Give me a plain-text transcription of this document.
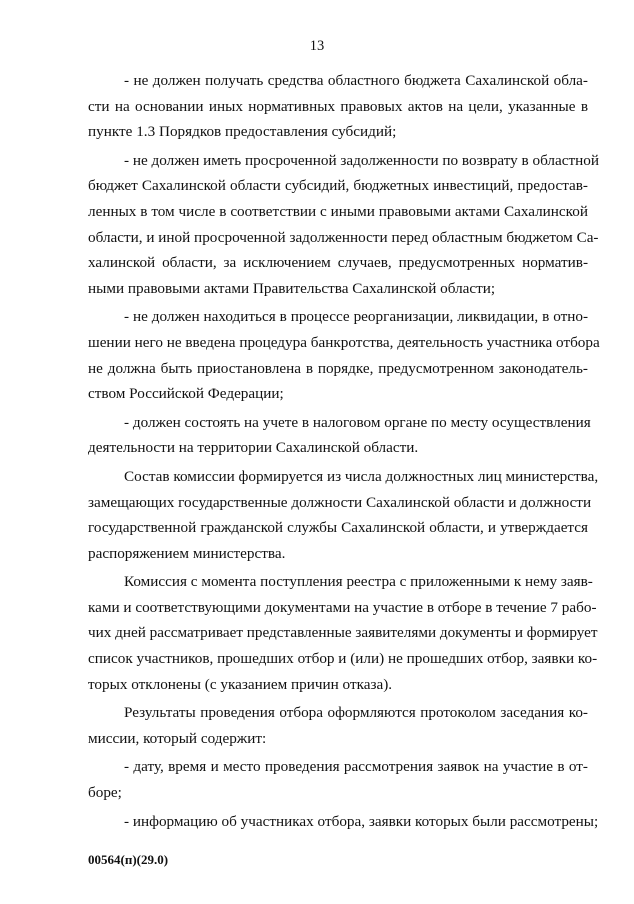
13

- не должен получать средства областного бюджета Сахалинской обла-
сти на основании иных нормативных правовых актов на цели, указанные в
пункте 1.3 Порядков предоставления субсидий;

- не должен иметь просроченной задолженности по возврату в областной
бюджет Сахалинской области субсидий, бюджетных инвестиций, предостав-
ленных в том числе в соответствии с иными правовыми актами Сахалинской
области, и иной просроченной задолженности перед областным бюджетом Са-
халинской области, за исключением случаев, предусмотренных норматив-
ными правовыми актами Правительства Сахалинской области;

- не должен находиться в процессе реорганизации, ликвидации, в отно-
шении него не введена процедура банкротства, деятельность участника отбора
не должна быть приостановлена в порядке, предусмотренном законодатель-
ством Российской Федерации;

- должен состоять на учете в налоговом органе по месту осуществления
деятельности на территории Сахалинской области.

Состав комиссии формируется из числа должностных лиц министерства,
замещающих государственные должности Сахалинской области и должности
государственной гражданской службы Сахалинской области, и утверждается
распоряжением министерства.

Комиссия с момента поступления реестра с приложенными к нему заяв-
ками и соответствующими документами на участие в отборе в течение 7 рабо-
чих дней рассматривает представленные заявителями документы и формирует
список участников, прошедших отбор и (или) не прошедших отбор, заявки ко-
торых отклонены (с указанием причин отказа).

Результаты проведения отбора оформляются протоколом заседания ко-
миссии, который содержит:

- дату, время и место проведения рассмотрения заявок на участие в от-
боре;

- информацию об участниках отбора, заявки которых были рассмотрены;

00564(п)(29.0)
